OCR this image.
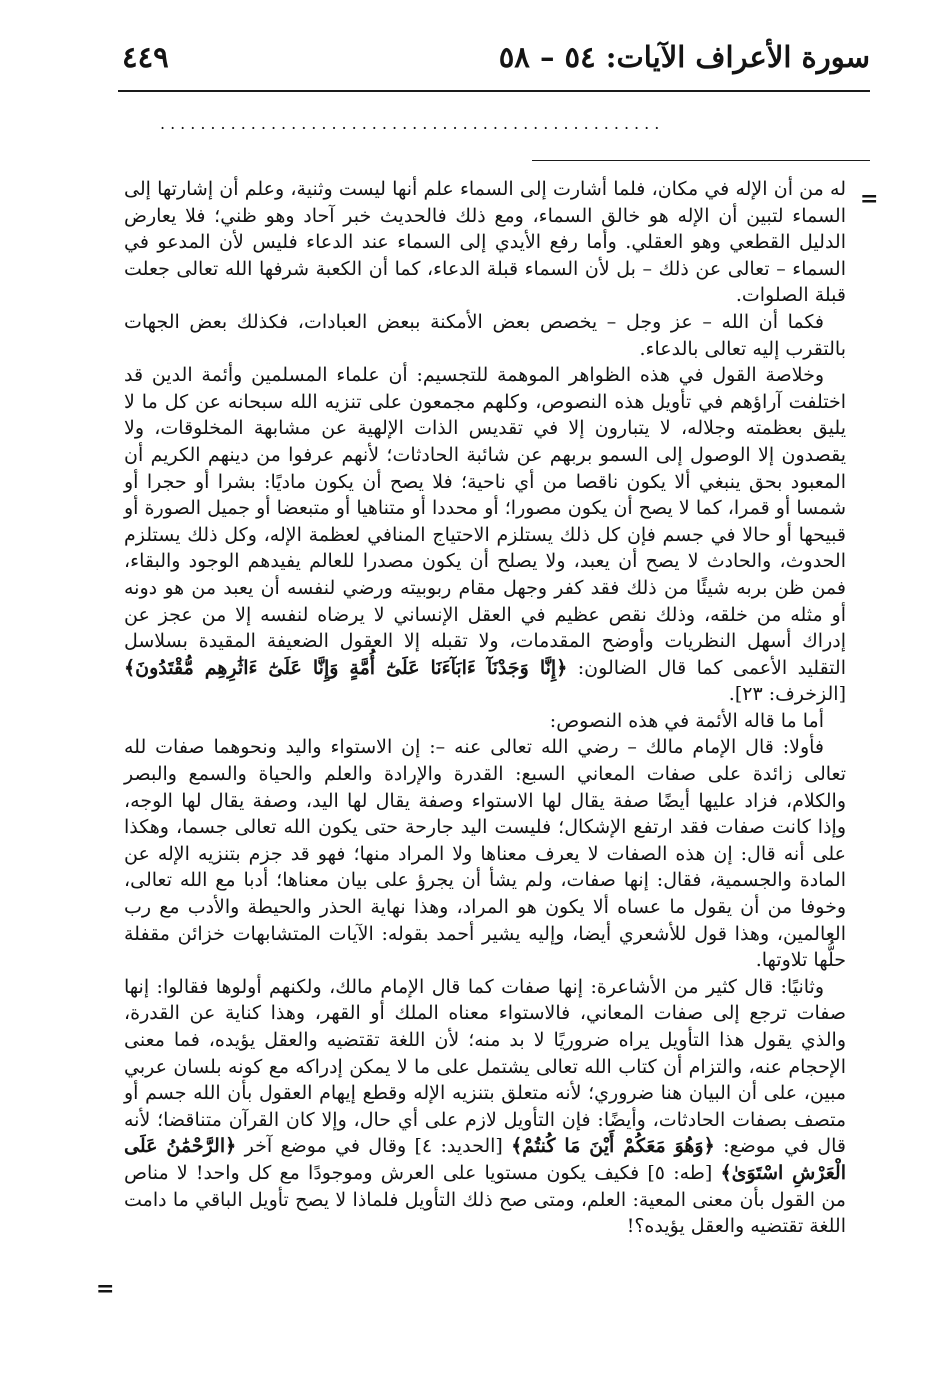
سورة الأعراف الآيات: ٥٤ – ٥٨
٤٤٩
..................................................
=
=

له من أن الإله في مكان، فلما أشارت إلى السماء علم أنها ليست وثنية، وعلم أن إشارتها إلى السماء لتبين أن الإله هو خالق السماء، ومع ذلك فالحديث خبر آحاد وهو ظني؛ فلا يعارض الدليل القطعي وهو العقلي. وأما رفع الأيدي إلى السماء عند الدعاء فليس لأن المدعو في السماء – تعالى عن ذلك – بل لأن السماء قبلة الدعاء، كما أن الكعبة شرفها الله تعالى جعلت قبلة الصلوات.

فكما أن الله – عز وجل – يخصص بعض الأمكنة ببعض العبادات، فكذلك بعض الجهات بالتقرب إليه تعالى بالدعاء.

وخلاصة القول في هذه الظواهر الموهمة للتجسيم: أن علماء المسلمين وأئمة الدين قد اختلفت آراؤهم في تأويل هذه النصوص، وكلهم مجمعون على تنزيه الله سبحانه عن كل ما لا يليق بعظمته وجلاله، لا يتبارون إلا في تقديس الذات الإلهية عن مشابهة المخلوقات، ولا يقصدون إلا الوصول إلى السمو بربهم عن شائبة الحادثات؛ لأنهم عرفوا من دينهم الكريم أن المعبود بحق ينبغي ألا يكون ناقصا من أي ناحية؛ فلا يصح أن يكون ماديًا: بشرا أو حجرا أو شمسا أو قمرا، كما لا يصح أن يكون مصورا؛ أو محددا أو متناهيا أو متبعضا أو جميل الصورة أو قبيحها أو حالا في جسم فإن كل ذلك يستلزم الاحتياج المنافي لعظمة الإله، وكل ذلك يستلزم الحدوث، والحادث لا يصح أن يعبد، ولا يصلح أن يكون مصدرا للعالم يفيدهم الوجود والبقاء، فمن ظن بربه شيئًا من ذلك فقد كفر وجهل مقام ربوبيته ورضي لنفسه أن يعبد من هو دونه أو مثله من خلقه، وذلك نقص عظيم في العقل الإنساني لا يرضاه لنفسه إلا من عجز عن إدراك أسهل النظريات وأوضح المقدمات، ولا تقبله إلا العقول الضعيفة المقيدة بسلاسل التقليد الأعمى كما قال الضالون: ﴿إِنَّا وَجَدْنَآ ءَابَآءَنَا عَلَىٰٓ أُمَّةٍ وَإِنَّا عَلَىٰٓ ءَاثَٰرِهِم مُّقْتَدُونَ﴾ [الزخرف: ٢٣].

أما ما قاله الأئمة في هذه النصوص:

فأولا: قال الإمام مالك – رضي الله تعالى عنه –: إن الاستواء واليد ونحوهما صفات لله تعالى زائدة على صفات المعاني السبع: القدرة والإرادة والعلم والحياة والسمع والبصر والكلام، فزاد عليها أيضًا صفة يقال لها الاستواء وصفة يقال لها اليد، وصفة يقال لها الوجه، وإذا كانت صفات فقد ارتفع الإشكال؛ فليست اليد جارحة حتى يكون الله تعالى جسما، وهكذا على أنه قال: إن هذه الصفات لا يعرف معناها ولا المراد منها؛ فهو قد جزم بتنزيه الإله عن المادة والجسمية، فقال: إنها صفات، ولم يشأ أن يجرؤ على بيان معناها؛ أدبا مع الله تعالى، وخوفا من أن يقول ما عساه ألا يكون هو المراد، وهذا نهاية الحذر والحيطة والأدب مع رب العالمين، وهذا قول للأشعري أيضا، وإليه يشير أحمد بقوله: الآيات المتشابهات خزائن مقفلة حلُّها تلاوتها.

وثانيًا: قال كثير من الأشاعرة: إنها صفات كما قال الإمام مالك، ولكنهم أولوها فقالوا: إنها صفات ترجع إلى صفات المعاني، فالاستواء معناه الملك أو القهر، وهذا كناية عن القدرة، والذي يقول هذا التأويل يراه ضروريًا لا بد منه؛ لأن اللغة تقتضيه والعقل يؤيده، فما معنى الإحجام عنه، والتزام أن كتاب الله تعالى يشتمل على ما لا يمكن إدراكه مع كونه بلسان عربي مبين، على أن البيان هنا ضروري؛ لأنه متعلق بتنزيه الإله وقطع إيهام العقول بأن الله جسم أو متصف بصفات الحادثات، وأيضًا: فإن التأويل لازم على أي حال، وإلا كان القرآن متناقضا؛ لأنه قال في موضع: ﴿وَهُوَ مَعَكُمْ أَيْنَ مَا كُنتُمْ﴾ [الحديد: ٤] وقال في موضع آخر ﴿الرَّحْمَٰنُ عَلَى الْعَرْشِ اسْتَوَىٰ﴾ [طه: ٥] فكيف يكون مستويا على العرش وموجودًا مع كل واحد! لا مناص من القول بأن معنى المعية: العلم، ومتى صح ذلك التأويل فلماذا لا يصح تأويل الباقي ما دامت اللغة تقتضيه والعقل يؤيده؟!
